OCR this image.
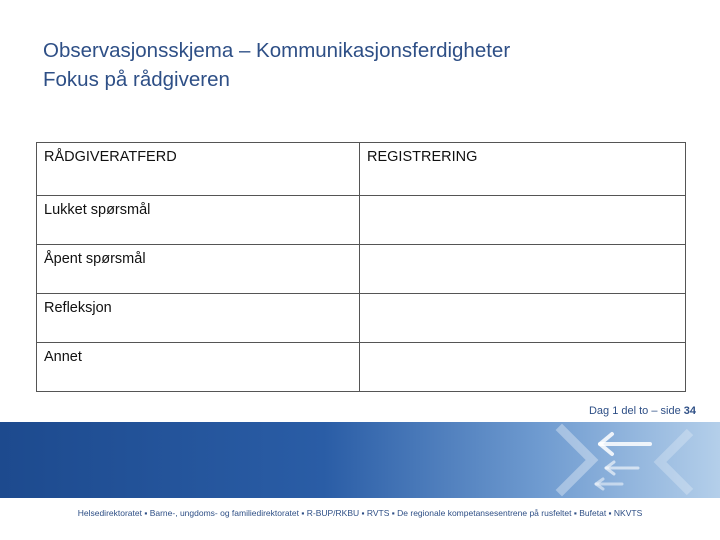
Observasjonsskjema – Kommunikasjonsferdigheter
Fokus på rådgiveren
RÅDGIVERATFERD	REGISTRERING
Lukket spørsmål	
Åpent spørsmål	
Refleksjon	
Annet	
Dag 1 del to – side 34
Helsedirektoratet ▪ Barne-, ungdoms- og familiedirektoratet ▪ R-BUP/RKBU ▪ RVTS ▪ De regionale kompetansesentrene på rusfeltet ▪ Bufetat ▪ NKVTS
